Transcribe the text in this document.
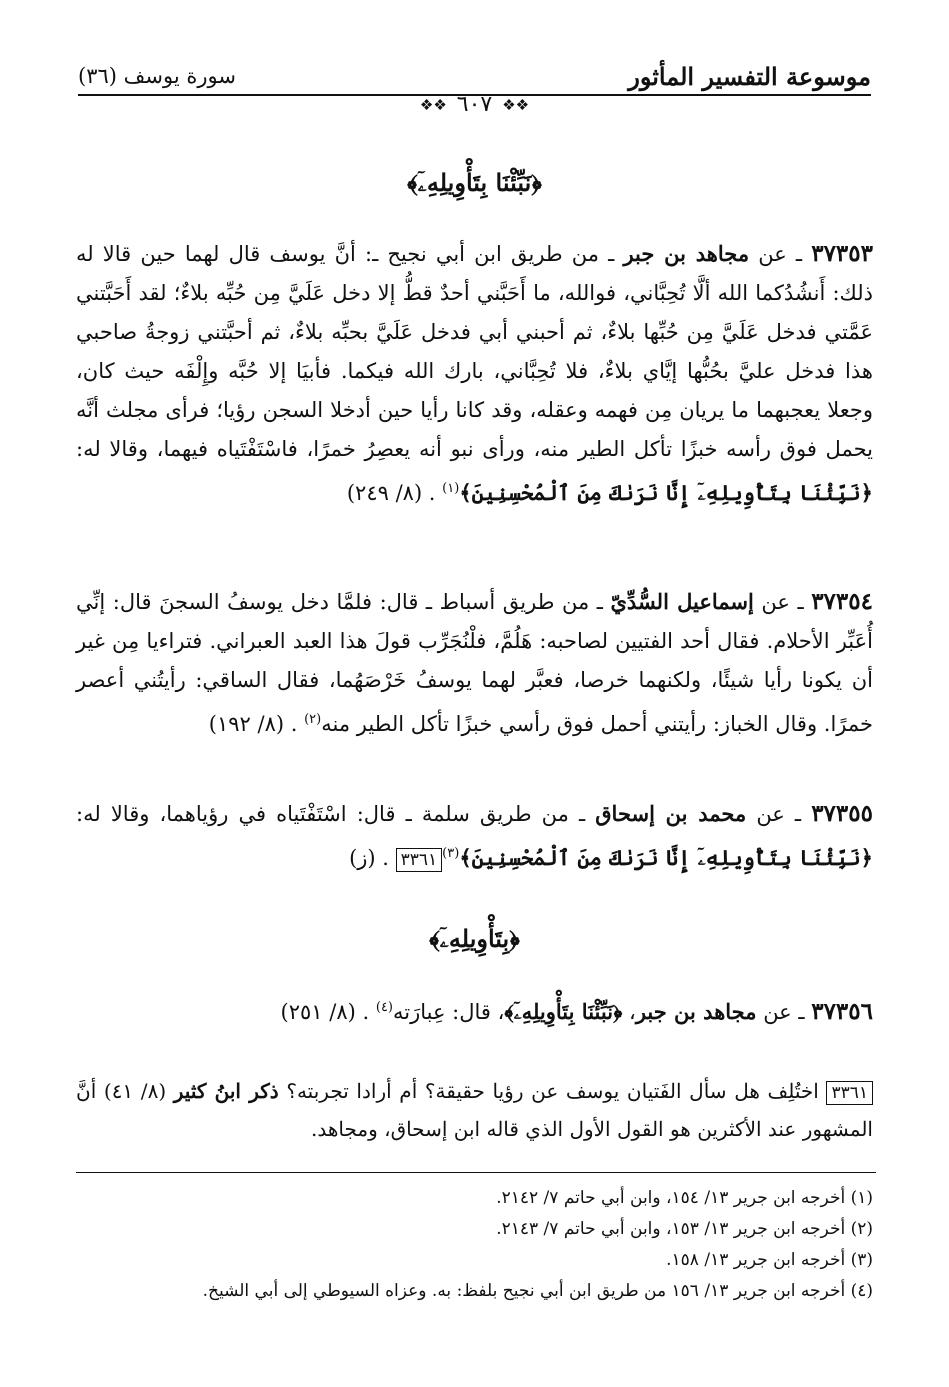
موسوعة التفسير المأثور
سورة يوسف (٣٦)
❖❖
٦٠٧
❖❖
﴿نَبِّئْنَا بِتَأْوِيلِهِۦٓ﴾
٣٧٣٥٣ ـ عن مجاهد بن جبر ـ من طريق ابن أبي نجيح ـ: أنَّ يوسف قال لهما حين قالا له ذلك: أَنشُدُكما الله ألَّا تُحِبَّاني، فوالله، ما أَحَبَّني أحدٌ قطُّ إلا دخل عَلَيَّ مِن حُبِّه بلاءٌ؛ لقد أَحَبَّتني عَمَّتي فدخل عَلَيَّ مِن حُبِّها بلاءٌ، ثم أحبني أبي فدخل عَلَيَّ بحبِّه بلاءٌ، ثم أحبَّتني زوجةُ صاحبي هذا فدخل عليَّ بحُبُّها إيَّاي بلاءٌ، فلا تُحِبَّاني، بارك الله فيكما. فأبيَا إلا حُبَّه وإِلْفَه حيث كان، وجعلا يعجبهما ما يريان مِن فهمه وعقله، وقد كانا رأيا حين أدخلا السجن رؤيا؛ فرأى مجلث أنَّه يحمل فوق رأسه خبزًا تأكل الطير منه، ورأى نبو أنه يعصِرُ خمرًا، فاسْتَفْتَياه فيهما، وقالا له: ﴿نَبِّئْنَا بِتَأْوِيلِهِۦٓ إِنَّا نَرَىٰكَ مِنَ ٱلْمُحْسِنِينَ﴾$^{(١)}$ . (٨/ ٢٤٩)
٣٧٣٥٤ ـ عن إسماعيل السُّدِّيّ ـ من طريق أسباط ـ قال: فلمَّا دخل يوسفُ السجنَ قال: إنِّي أُعَبِّر الأحلام. فقال أحد الفتيين لصاحبه: هَلُمَّ، فلْنُجَرِّب قولَ هذا العبد العبراني. فتراءيا مِن غير أن يكونا رأيا شيئًا، ولكنهما خرصا، فعبَّر لهما يوسفُ خَرْصَهُما، فقال الساقي: رأيتُني أعصر خمرًا. وقال الخباز: رأيتني أحمل فوق رأسي خبزًا تأكل الطير منه$^{(٢)}$ . (٨/ ١٩٢)
٣٧٣٥٥ ـ عن محمد بن إسحاق ـ من طريق سلمة ـ قال: اسْتَفْتَياه في رؤياهما، وقالا له: ﴿نَبِّئْنَا بِتَأْوِيلِهِۦٓ إِنَّا نَرَىٰكَ مِنَ ٱلْمُحْسِنِينَ﴾$^{(٣)}$٣٣٦١ . (ز)
﴿بِتَأْوِيلِهِۦٓ﴾
٣٧٣٥٦ ـ عن مجاهد بن جبر، ﴿نَبِّئْنَا بِتَأْوِيلِهِۦٓ﴾، قال: عِبارَته$^{(٤)}$ . (٨/ ٢٥١)
٣٣٦١ اختُلِف هل سأل الفَتيان يوسف عن رؤيا حقيقة؟ أم أرادا تجربته؟ ذكر ابنُ كثير (٨/ ٤١) أنَّ المشهور عند الأكثرين هو القول الأول الذي قاله ابن إسحاق، ومجاهد.
(١) أخرجه ابن جرير ١٣/ ١٥٤، وابن أبي حاتم ٧/ ٢١٤٢.
(٢) أخرجه ابن جرير ١٣/ ١٥٣، وابن أبي حاتم ٧/ ٢١٤٣.
(٣) أخرجه ابن جرير ١٣/ ١٥٨.
(٤) أخرجه ابن جرير ١٣/ ١٥٦ من طريق ابن أبي نجيح بلفظ: به. وعزاه السيوطي إلى أبي الشيخ.
